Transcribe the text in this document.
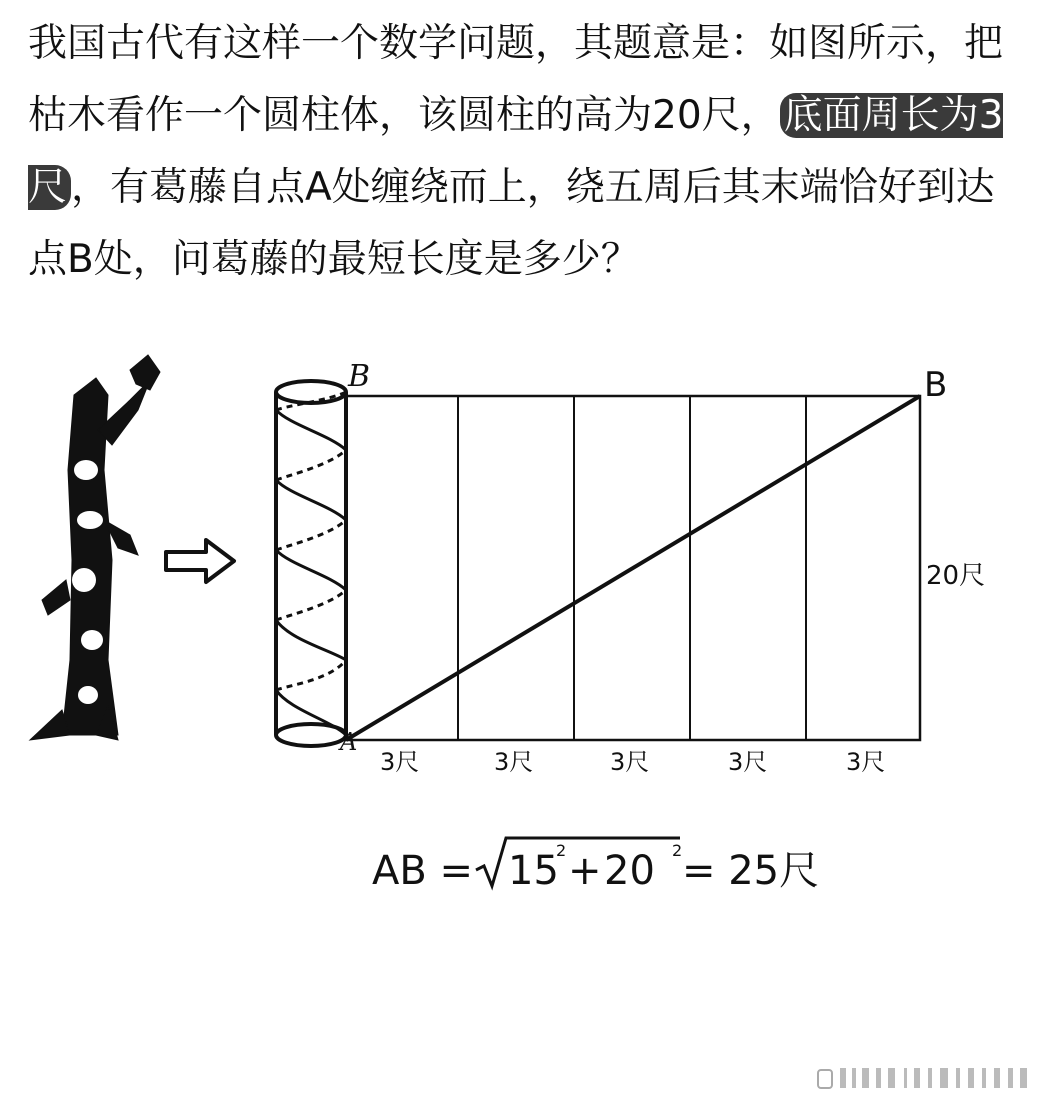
我国古代有这样一个数学问题，其题意是：如图所示，把枯木看作一个圆柱体，该圆柱的高为20尺， 底面周长为3尺 ，有葛藤自点A处缠绕而上，绕五周后其末端恰好到达点B处，问葛藤的最短长度是多少？

B
A
B
20尺
3尺	3尺	3尺	3尺	3尺
AB = 15
2 + 20 2 = 25尺
